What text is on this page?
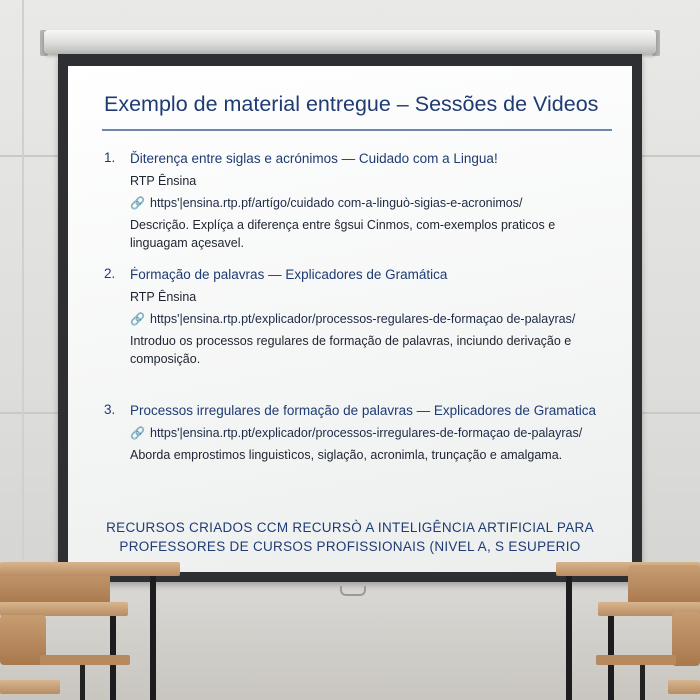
Exemplo de material entregue – Sessões de Videos
1. Ďiterença entre siglas e acrónimos — Cuidado com a Lingua!
RTP Ênsina
🔗 https'|ensina.rtp.pf/artígo/cuidado com-a-linguò-sigias-e-acronimos/
Descrição. Explíça a diferença entre ŝgsui Cinmos, com-exemplos praticos e linguagam açesavel.
2. Ḟormação de palavras — Explicadores de Gramática
RTP Ênsina
🔗 https'|ensina.rtp.pt/explicador/processos-regulares-de-formaçao de-palayras/
Introduo os processos regulares de formação de palavras, inciundo derivação e composição.
3. Processos irregulares de formação de palavras — Explicadores de Gramatica
🔗 https'|ensina.rtp.pt/explicador/processos-irregulares-de-formaçao de-palayras/
Aborda emprostimos linguistìcos, siglação, acronimla, trunçação e amalgama.
RECURSOS CRIADOS CCM RECURSÒ A INTELIGÊNCIA ARTIFICIAL PARA
PROFESSORES DE CURSOS PROFISSIONAIS (NIVEL A, S ESUPERIO
